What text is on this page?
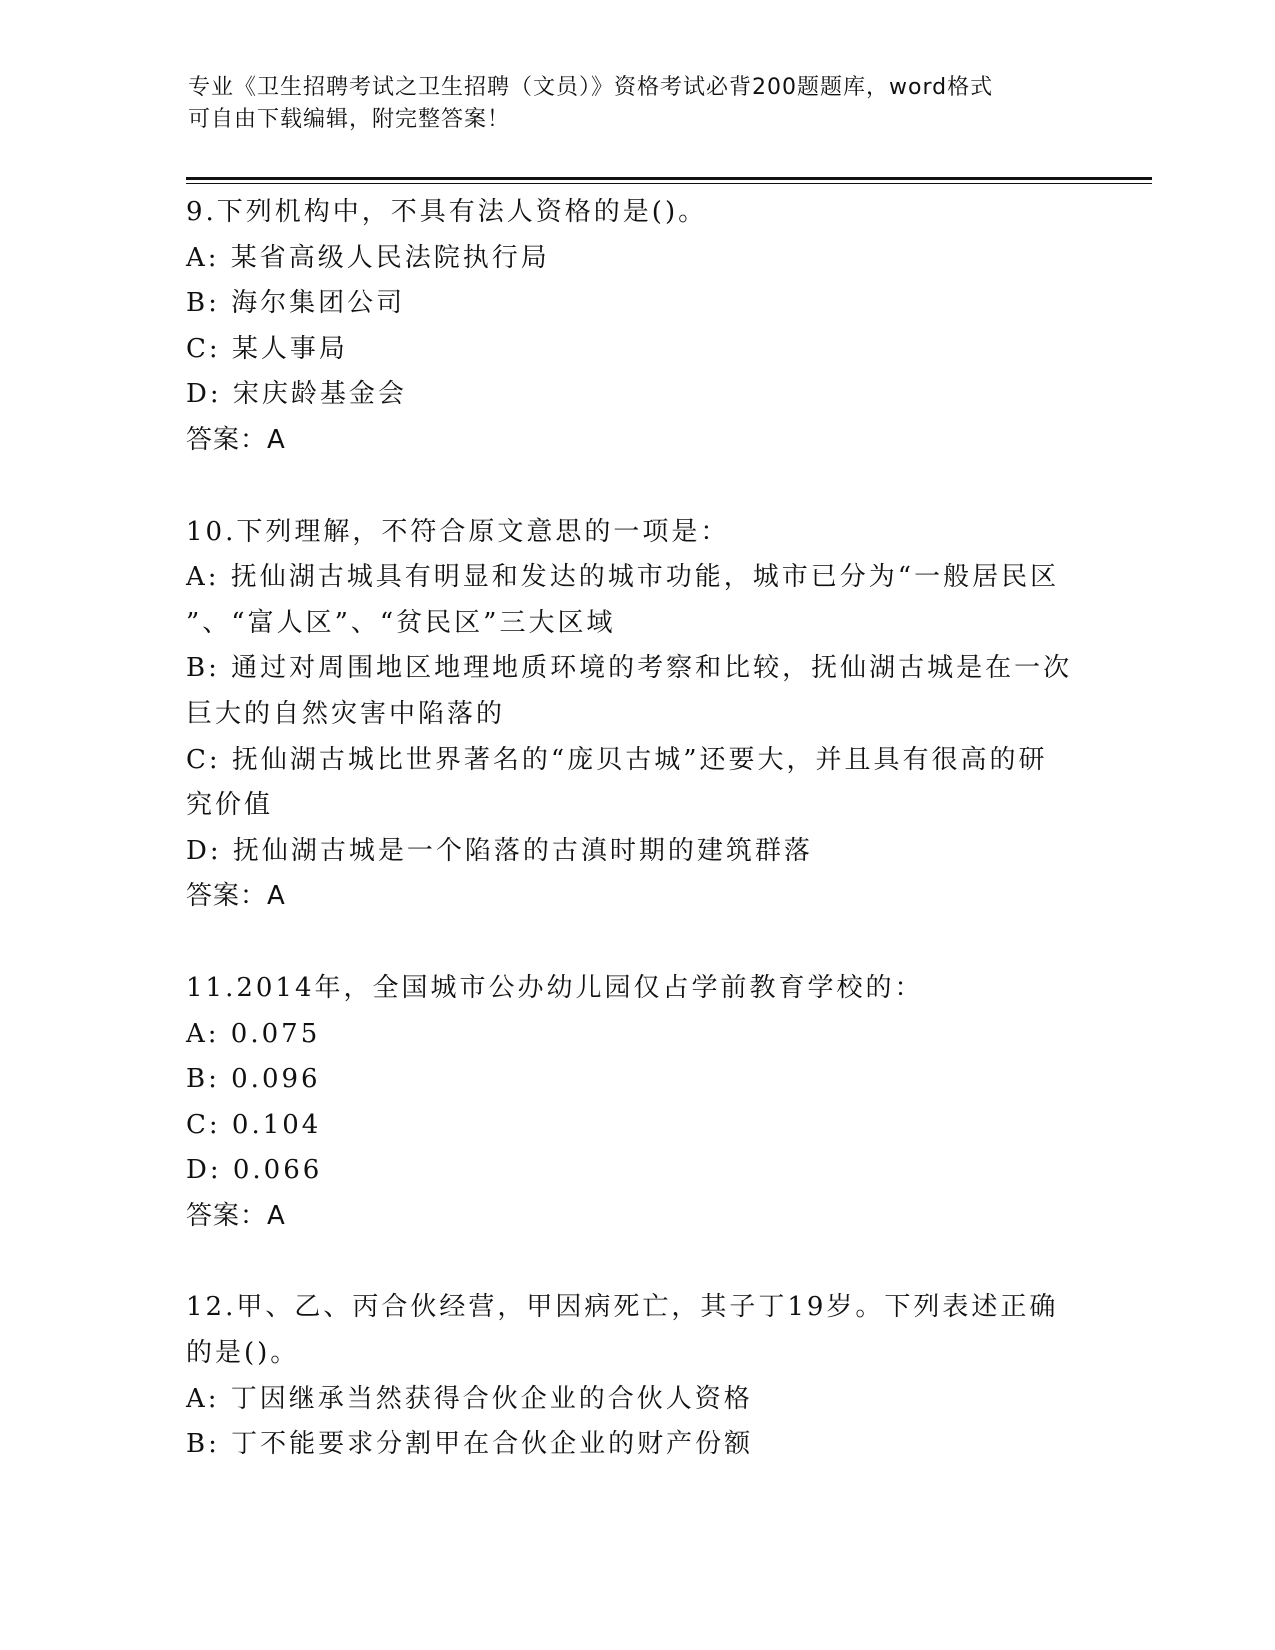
专业《卫生招聘考试之卫生招聘（文员）》资格考试必背200题题库，word格式
可自由下载编辑，附完整答案！
9.下列机构中，不具有法人资格的是()。
A: 某省高级人民法院执行局
B: 海尔集团公司
C: 某人事局
D: 宋庆龄基金会
答案：A
10.下列理解，不符合原文意思的一项是：
A: 抚仙湖古城具有明显和发达的城市功能，城市已分为“一般居民区
”、“富人区”、“贫民区”三大区域
B: 通过对周围地区地理地质环境的考察和比较，抚仙湖古城是在一次
巨大的自然灾害中陷落的
C: 抚仙湖古城比世界著名的“庞贝古城”还要大，并且具有很高的研
究价值
D: 抚仙湖古城是一个陷落的古滇时期的建筑群落
答案：A
11.2014年，全国城市公办幼儿园仅占学前教育学校的：
A: 0.075
B: 0.096
C: 0.104
D: 0.066
答案：A
12.甲、乙、丙合伙经营，甲因病死亡，其子丁19岁。下列表述正确
的是()。
A: 丁因继承当然获得合伙企业的合伙人资格
B: 丁不能要求分割甲在合伙企业的财产份额
